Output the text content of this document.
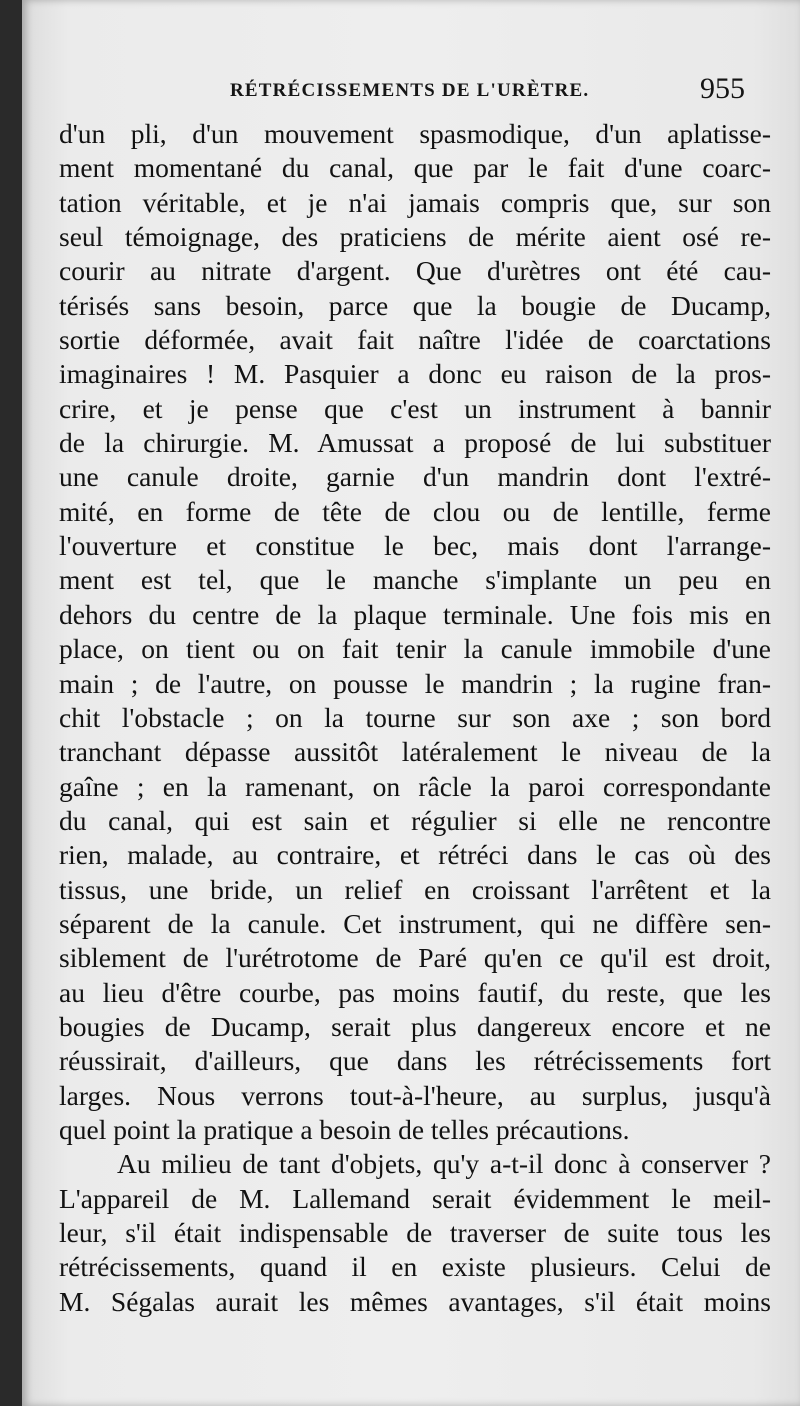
RÉTRÉCISSEMENTS DE L'URÈTRE.	955
d'un pli, d'un mouvement spasmodique, d'un aplatisse-
ment momentané du canal, que par le fait d'une coarc-
tation véritable, et je n'ai jamais compris que, sur son
seul témoignage, des praticiens de mérite aient osé re-
courir au nitrate d'argent. Que d'urètres ont été cau-
térisés sans besoin, parce que la bougie de Ducamp,
sortie déformée, avait fait naître l'idée de coarctations
imaginaires ! M. Pasquier a donc eu raison de la pros-
crire, et je pense que c'est un instrument à bannir
de la chirurgie. M. Amussat a proposé de lui substituer
une canule droite, garnie d'un mandrin dont l'extré-
mité, en forme de tête de clou ou de lentille, ferme
l'ouverture et constitue le bec, mais dont l'arrange-
ment est tel, que le manche s'implante un peu en
dehors du centre de la plaque terminale. Une fois mis en
place, on tient ou on fait tenir la canule immobile d'une
main ; de l'autre, on pousse le mandrin ; la rugine fran-
chit l'obstacle ; on la tourne sur son axe ; son bord
tranchant dépasse aussitôt latéralement le niveau de la
gaîne ; en la ramenant, on râcle la paroi correspondante
du canal, qui est sain et régulier si elle ne rencontre
rien, malade, au contraire, et rétréci dans le cas où des
tissus, une bride, un relief en croissant l'arrêtent et la
séparent de la canule. Cet instrument, qui ne diffère sen-
siblement de l'urétrotome de Paré qu'en ce qu'il est droit,
au lieu d'être courbe, pas moins fautif, du reste, que les
bougies de Ducamp, serait plus dangereux encore et ne
réussirait, d'ailleurs, que dans les rétrécissements fort
larges. Nous verrons tout-à-l'heure, au surplus, jusqu'à
quel point la pratique a besoin de telles précautions.
Au milieu de tant d'objets, qu'y a-t-il donc à conserver ?
L'appareil de M. Lallemand serait évidemment le meil-
leur, s'il était indispensable de traverser de suite tous les
rétrécissements, quand il en existe plusieurs. Celui de
M. Ségalas aurait les mêmes avantages, s'il était moins
